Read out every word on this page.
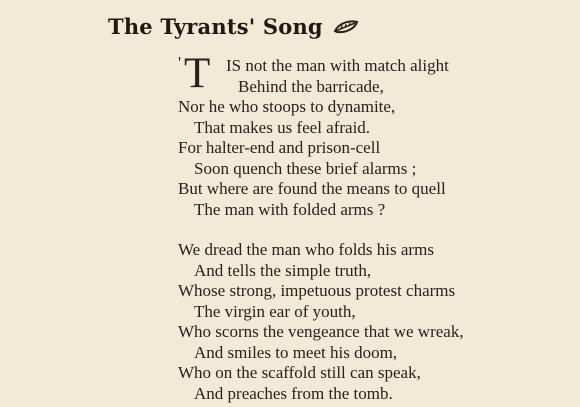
The Tyrants' Song
' T IS not the man with match alight
Behind the barricade,
Nor he who stoops to dynamite,
That makes us feel afraid.
For halter-end and prison-cell
Soon quench these brief alarms ;
But where are found the means to quell
The man with folded arms ?
We dread the man who folds his arms
And tells the simple truth,
Whose strong, impetuous protest charms
The virgin ear of youth,
Who scorns the vengeance that we wreak,
And smiles to meet his doom,
Who on the scaffold still can speak,
And preaches from the tomb.
